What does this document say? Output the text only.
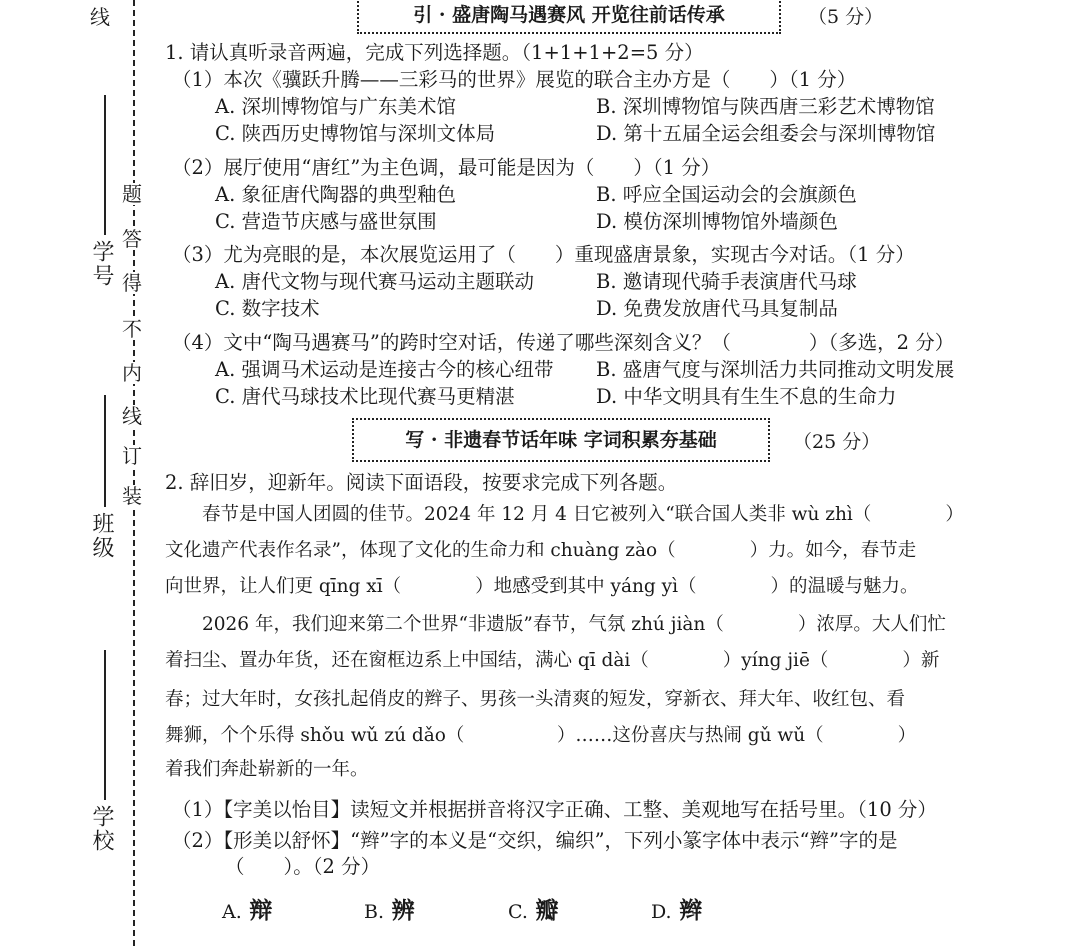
线
学号
班级
学校
装
订
线
内
不
得
答
题
引 · 盛唐陶马遇赛风 开览往前话传承	（5 分）
1. 请认真听录音两遍，完成下列选择题。（1+1+1+2=5 分）
（1）本次《骥跃升腾——三彩马的世界》展览的联合主办方是（　　）（1 分）
A. 深圳博物馆与广东美术馆	B. 深圳博物馆与陕西唐三彩艺术博物馆
C. 陕西历史博物馆与深圳文体局	D. 第十五届全运会组委会与深圳博物馆
（2）展厅使用“唐红”为主色调，最可能是因为（　　）（1 分）
A. 象征唐代陶器的典型釉色	B. 呼应全国运动会的会旗颜色
C. 营造节庆感与盛世氛围	D. 模仿深圳博物馆外墙颜色
（3）尤为亮眼的是，本次展览运用了（　　）重现盛唐景象，实现古今对话。（1 分）
A. 唐代文物与现代赛马运动主题联动	B. 邀请现代骑手表演唐代马球
C. 数字技术	D. 免费发放唐代马具复制品
（4）文中“陶马遇赛马”的跨时空对话，传递了哪些深刻含义？（　　　　）（多选，2 分）
A. 强调马术运动是连接古今的核心纽带 B. 盛唐气度与深圳活力共同推动文明发展
C. 唐代马球技术比现代赛马更精湛	D. 中华文明具有生生不息的生命力
写 · 非遗春节话年味 字词积累夯基础	（25 分）
2. 辞旧岁，迎新年。阅读下面语段，按要求完成下列各题。
　　春节是中国人团圆的佳节。2024 年 12 月 4 日它被列入“联合国人类非 wù zhì（　　　　）
文化遗产代表作名录”，体现了文化的生命力和 chuàng zào（　　　　）力。如今，春节走
向世界，让人们更 qīng xī（　　　　）地感受到其中 yáng yì（　　　　）的温暖与魅力。
　　2026 年，我们迎来第二个世界“非遗版”春节，气氛 zhú jiàn（　　　　）浓厚。大人们忙
着扫尘、置办年货，还在窗框边系上中国结，满心 qī dài（　　　　）yíng jiē（　　　　）新
春；过大年时，女孩扎起俏皮的辫子、男孩一头清爽的短发，穿新衣、拜大年、收红包、看
舞狮，个个乐得 shǒu wǔ zú dǎo（　　　　　）……这份喜庆与热闹 gǔ wǔ（　　　　）
着我们奔赴崭新的一年。
（1）【字美以怡目】读短文并根据拼音将汉字正确、工整、美观地写在括号里。（10 分）
（2）【形美以舒怀】“辫”字的本义是“交织，编织”，下列小篆字体中表示“辫”字的是
（　　）。（2 分）
A. 辩	B. 辨	C. 瓣	D. 辫
